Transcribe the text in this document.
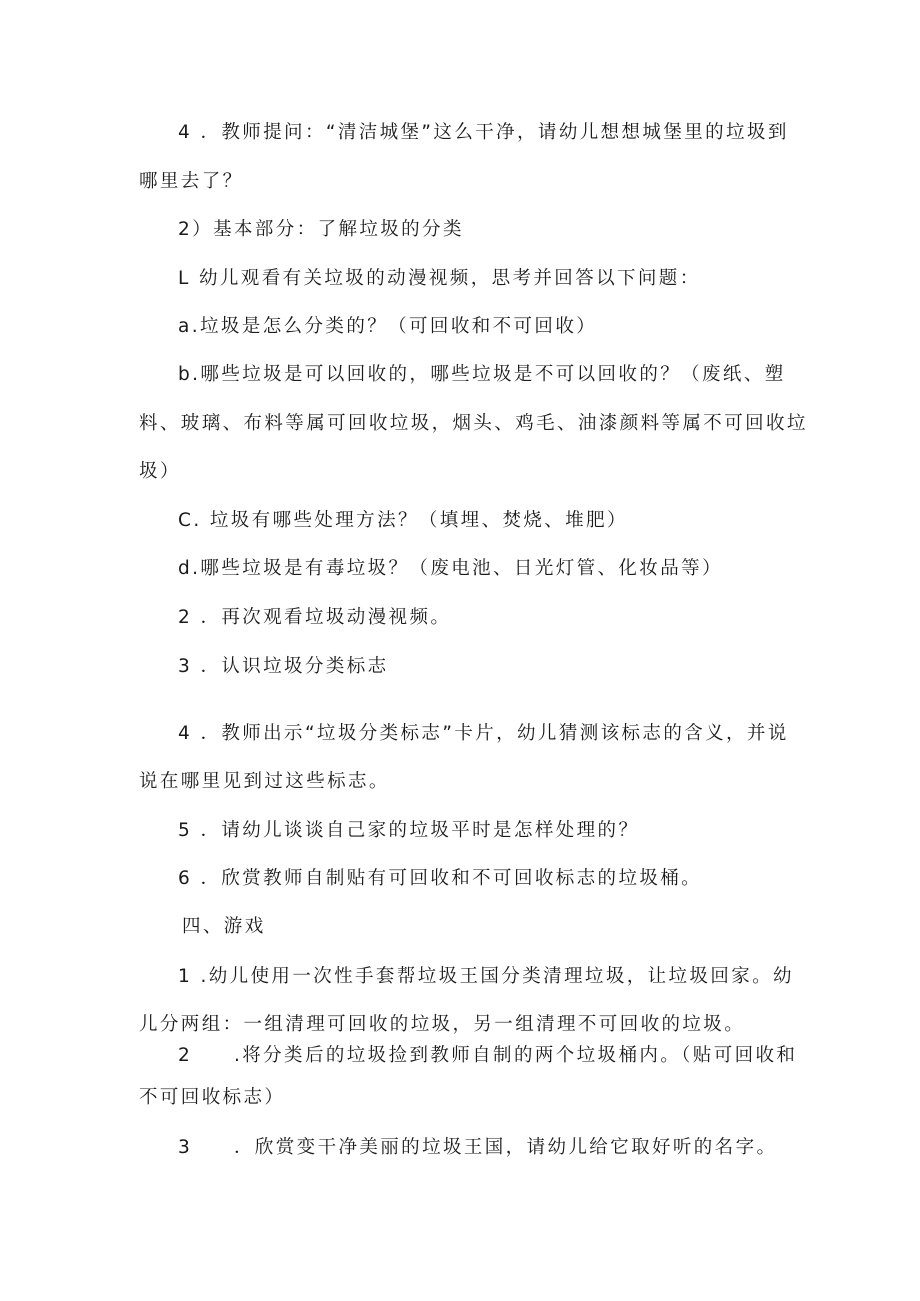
4 ．教师提问：“清洁城堡”这么干净，请幼儿想想城堡里的垃圾到
哪里去了？
2）基本部分：了解垃圾的分类
L 幼儿观看有关垃圾的动漫视频，思考并回答以下问题：
a.垃圾是怎么分类的？（可回收和不可回收）
b.哪些垃圾是可以回收的，哪些垃圾是不可以回收的？（废纸、塑
料、玻璃、布料等属可回收垃圾，烟头、鸡毛、油漆颜料等属不可回收垃
圾）
C. 垃圾有哪些处理方法？（填埋、焚烧、堆肥）
d.哪些垃圾是有毒垃圾？（废电池、日光灯管、化妆品等）
2 ．再次观看垃圾动漫视频。
3 ．认识垃圾分类标志
4 ．教师出示“垃圾分类标志”卡片，幼儿猜测该标志的含义，并说
说在哪里见到过这些标志。
5 ．请幼儿谈谈自己家的垃圾平时是怎样处理的？
6 ．欣赏教师自制贴有可回收和不可回收标志的垃圾桶。
四、游戏
1 .幼儿使用一次性手套帮垃圾王国分类清理垃圾，让垃圾回家。幼
儿分两组：一组清理可回收的垃圾，另一组清理不可回收的垃圾。
2　　.将分类后的垃圾捡到教师自制的两个垃圾桶内。（贴可回收和
不可回收标志）
3　　．欣赏变干净美丽的垃圾王国，请幼儿给它取好听的名字。
